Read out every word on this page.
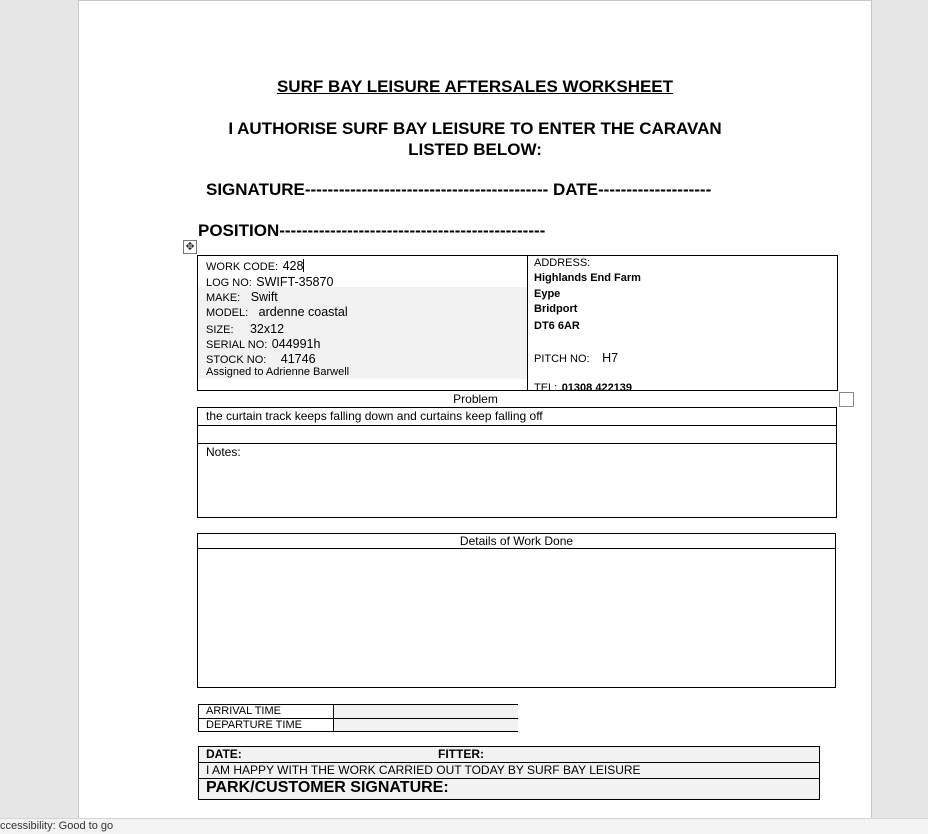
SURF BAY LEISURE AFTERSALES WORKSHEET
I AUTHORISE SURF BAY LEISURE TO ENTER THE CARAVAN
LISTED BELOW:
SIGNATURE------------------------------------------- DATE--------------------
POSITION-----------------------------------------------
✥
WORK CODE: 428
LOG NO: SWIFT-35870
MAKE: Swift
MODEL: ardenne coastal
SIZE: 32x12
SERIAL NO: 044991h
STOCK NO: 41746
Assigned to Adrienne Barwell
ADDRESS:
Highlands End Farm
Eype
Bridport
DT6 6AR
PITCH NO: H7
TEL: 01308 422139
Problem
the curtain track keeps falling down and curtains keep falling off
Notes:
Details of Work Done
ARRIVAL TIME
DEPARTURE TIME
DATE:	FITTER:
I AM HAPPY WITH THE WORK CARRIED OUT TODAY BY SURF BAY LEISURE
PARK/CUSTOMER SIGNATURE:
ccessibility: Good to go
